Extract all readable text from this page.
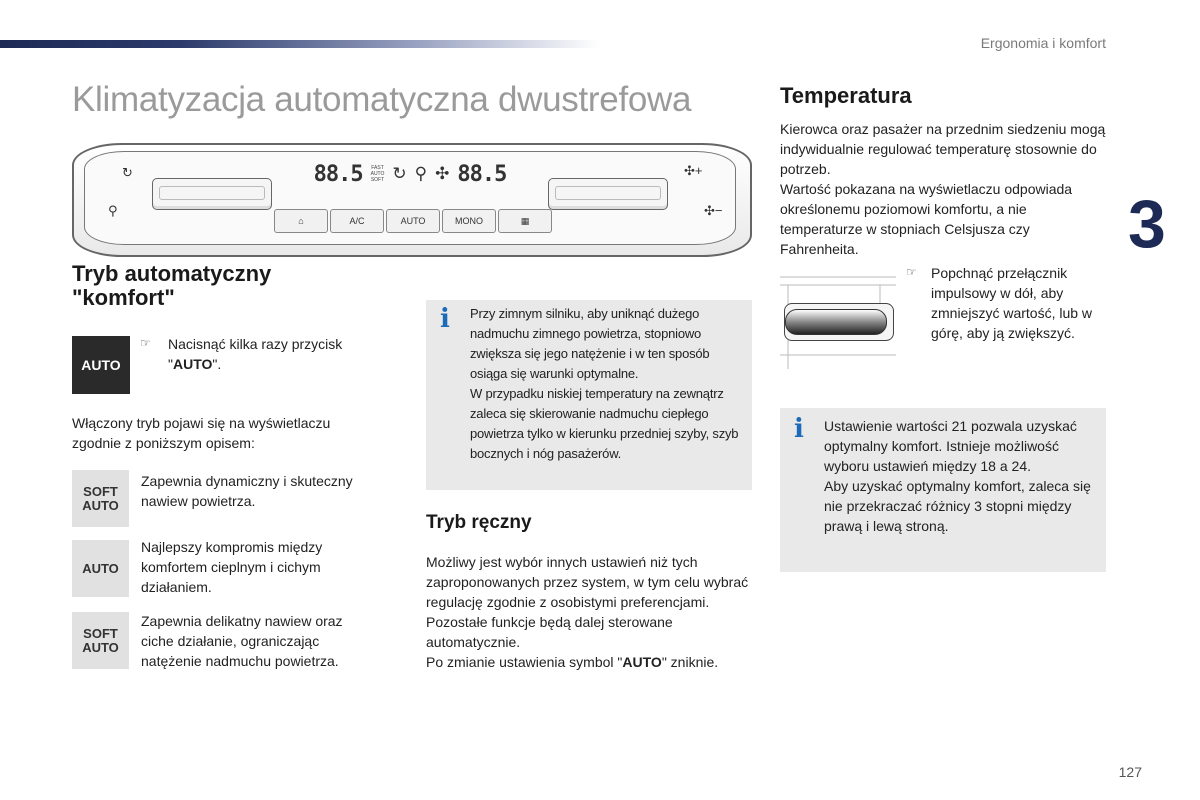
Ergonomia i komfort
3
127
Klimatyzacja automatyczna dwustrefowa
↻
⚲
✣+
✣−
88.5 FAST
AUTO
SOFT ↻ ⚲ ✣ 88.5
⌂	A/C	AUTO	MONO	▦
Tryb automatyczny "komfort"
AUTO
☞ Nacisnąć kilka razy przycisk "AUTO".
Włączony tryb pojawi się na wyświetlaczu zgodnie z poniższym opisem:
SOFT
AUTO
Zapewnia dynamiczny i skuteczny nawiew powietrza.
AUTO
Najlepszy kompromis między komfortem cieplnym i cichym działaniem.
SOFT
AUTO
Zapewnia delikatny nawiew oraz ciche działanie, ograniczając natężenie nadmuchu powietrza.
i Przy zimnym silniku, aby uniknąć dużego nadmuchu zimnego powietrza, stopniowo zwiększa się jego natężenie i w ten sposób osiąga się warunki optymalne.
W przypadku niskiej temperatury na zewnątrz zaleca się skierowanie nadmuchu ciepłego powietrza tylko w kierunku przedniej szyby, szyb bocznych i nóg pasażerów.
Tryb ręczny
Możliwy jest wybór innych ustawień niż tych zaproponowanych przez system, w tym celu wybrać regulację zgodnie z osobistymi preferencjami. Pozostałe funkcje będą dalej sterowane automatycznie.
Po zmianie ustawienia symbol "AUTO" zniknie.
Temperatura
Kierowca oraz pasażer na przednim siedzeniu mogą indywidualnie regulować temperaturę stosownie do potrzeb.
Wartość pokazana na wyświetlaczu odpowiada określonemu poziomowi komfortu, a nie temperaturze w stopniach Celsjusza czy Fahrenheita.
☞ Popchnąć przełącznik impulsowy w dół, aby zmniejszyć wartość, lub w górę, aby ją zwiększyć.
i Ustawienie wartości 21 pozwala uzyskać optymalny komfort. Istnieje możliwość wyboru ustawień między 18 a 24.
Aby uzyskać optymalny komfort, zaleca się nie przekraczać różnicy 3 stopni między prawą i lewą stroną.
